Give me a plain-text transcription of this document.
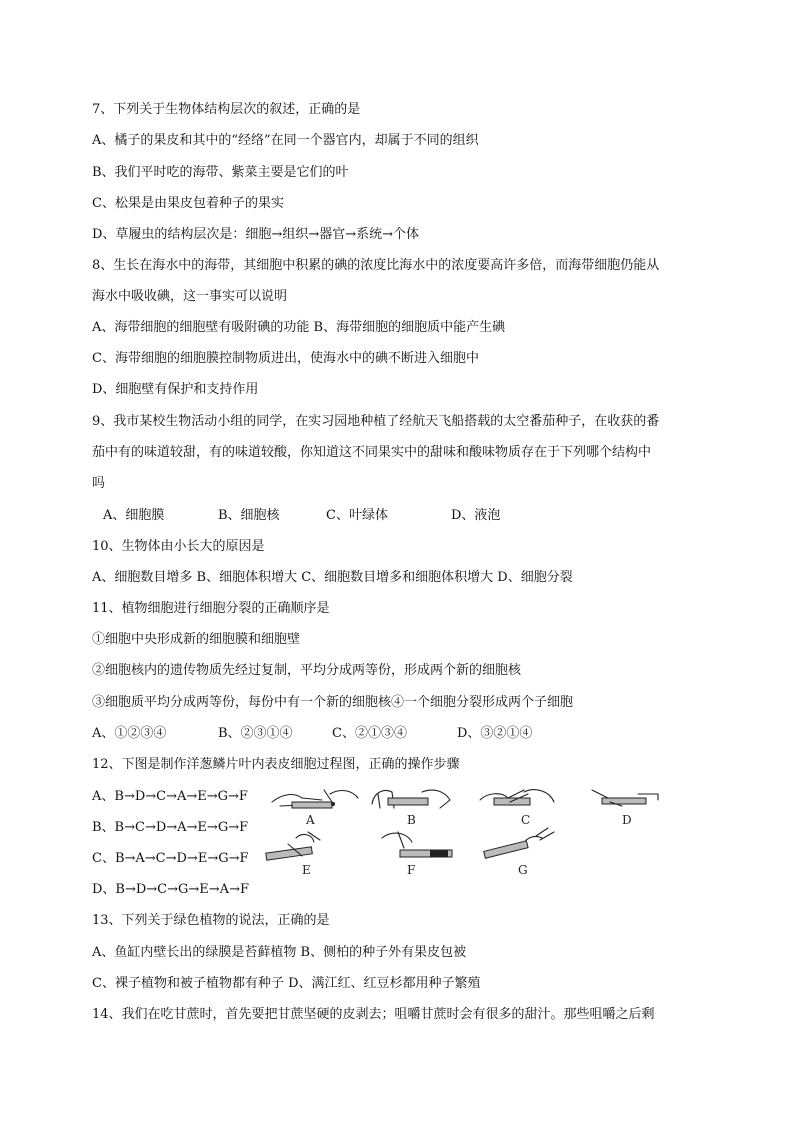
7、下列关于生物体结构层次的叙述，正确的是
A、橘子的果皮和其中的“经络”在同一个器官内，却属于不同的组织
B、我们平时吃的海带、紫菜主要是它们的叶
C、松果是由果皮包着种子的果实
D、草履虫的结构层次是：细胞→组织→器官→系统→个体
8、生长在海水中的海带，其细胞中积累的碘的浓度比海水中的浓度要高许多倍，而海带细胞仍能从
海水中吸收碘，这一事实可以说明
A、海带细胞的细胞壁有吸附碘的功能 B、海带细胞的细胞质中能产生碘
C、海带细胞的细胞膜控制物质进出，使海水中的碘不断进入细胞中
D、细胞壁有保护和支持作用
9、我市某校生物活动小组的同学，在实习园地种植了经航天飞船搭载的太空番茄种子，在收获的番
茄中有的味道较甜，有的味道较酸，你知道这不同果实中的甜味和酸味物质存在于下列哪个结构中
吗
A、细胞膜	B、细胞核	C、叶绿体	D、液泡
10、生物体由小长大的原因是
A、细胞数目增多 B、细胞体积增大 C、细胞数目增多和细胞体积增大 D、细胞分裂
11、植物细胞进行细胞分裂的正确顺序是
①细胞中央形成新的细胞膜和细胞壁
②细胞核内的遗传物质先经过复制，平均分成两等份，形成两个新的细胞核
③细胞质平均分成两等份，每份中有一个新的细胞核④一个细胞分裂形成两个子细胞
A、①②③④	B、②③①④	C、②①③④	D、③②①④
12、下图是制作洋葱鳞片叶内表皮细胞过程图，正确的操作步骤
A、B→D→C→A→E→G→F
B、B→C→D→A→E→G→F
C、B→A→C→D→E→G→F
D、B→D→C→G→E→A→F
A	B	C	D
E	F	G
13、下列关于绿色植物的说法，正确的是
A、鱼缸内壁长出的绿膜是苔藓植物 B、侧柏的种子外有果皮包被
C、裸子植物和被子植物都有种子 D、满江红、红豆杉都用种子繁殖
14、我们在吃甘蔗时，首先要把甘蔗坚硬的皮剥去；咀嚼甘蔗时会有很多的甜汁。那些咀嚼之后剩
